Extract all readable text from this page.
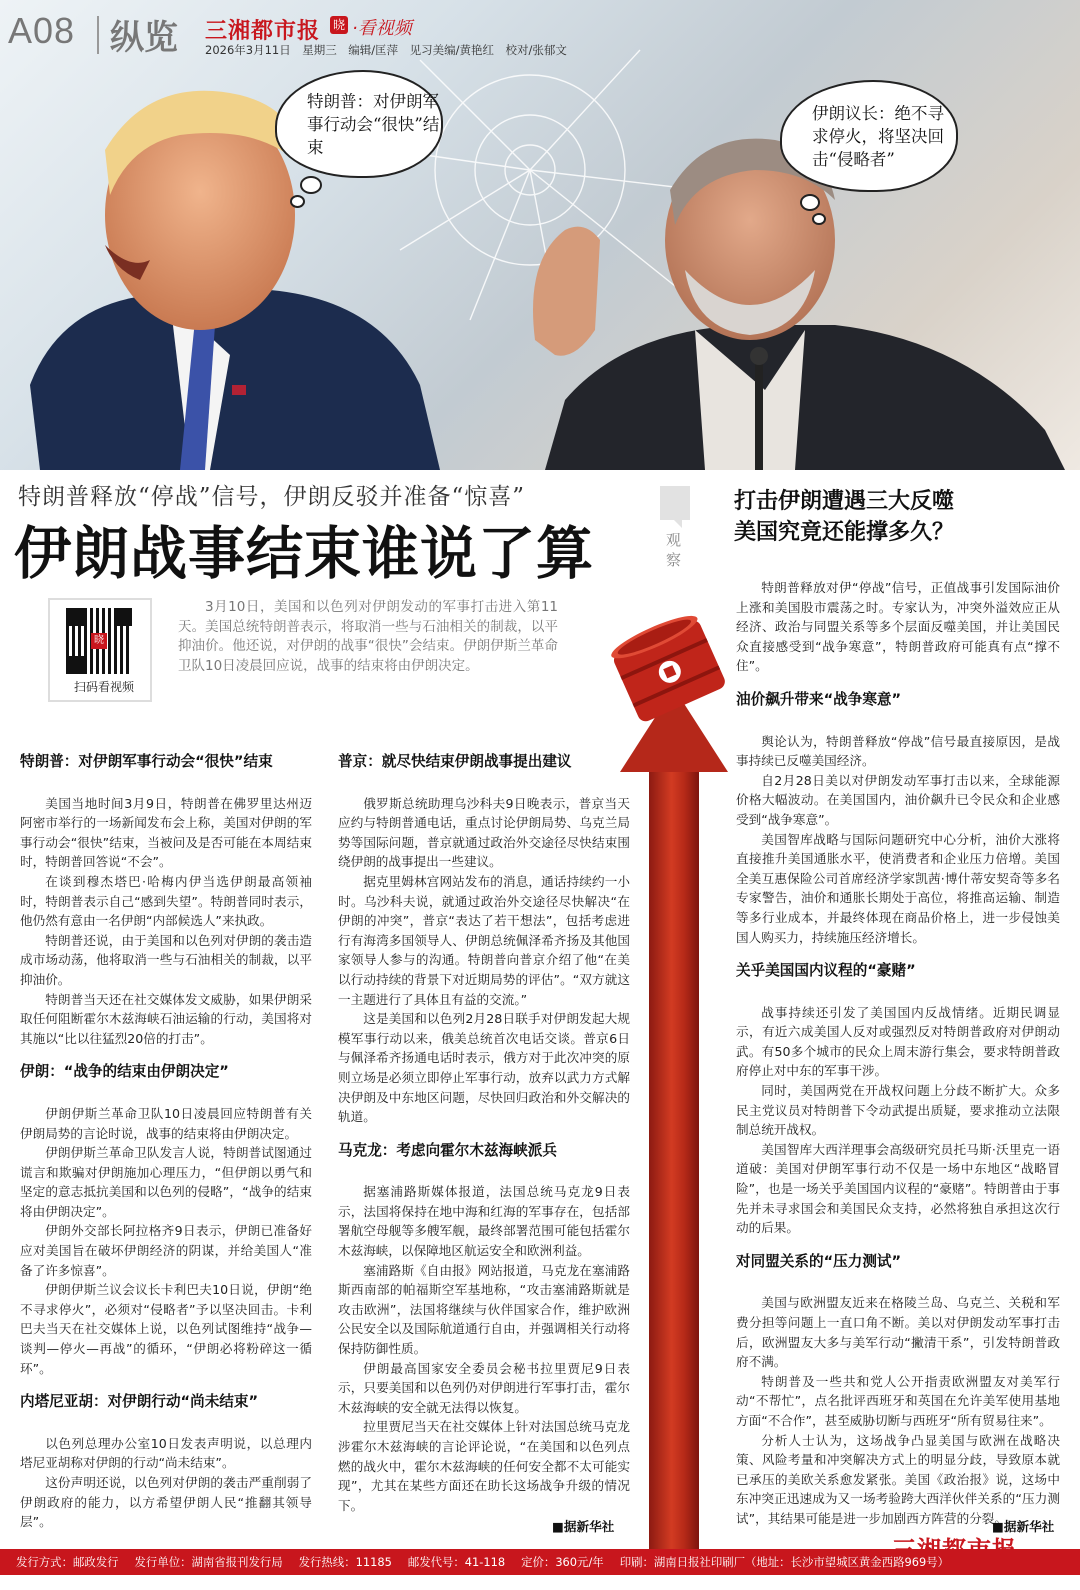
特朗普：对伊朗军事行动会“很快”结束
伊朗议长：绝不寻求停火，将坚决回击“侵略者”
A08 纵览 三湘都市报 晓 ·看视频
2026年3月11日　星期三　编辑/匡萍　见习美编/黄艳红　校对/张郁文
特朗普释放“停战”信号，伊朗反驳并准备“惊喜”
伊朗战事结束谁说了算
晓
扫码看视频
3月10日，美国和以色列对伊朗发动的军事打击进入第11天。美国总统特朗普表示，将取消一些与石油相关的制裁，以平抑油价。他还说，对伊朗的战事“很快”会结束。伊朗伊斯兰革命卫队10日凌晨回应说，战事的结束将由伊朗决定。
特朗普：对伊朗军事行动会“很快”结束

美国当地时间3月9日，特朗普在佛罗里达州迈阿密市举行的一场新闻发布会上称，美国对伊朗的军事行动会“很快”结束，当被问及是否可能在本周结束时，特朗普回答说“不会”。

在谈到穆杰塔巴·哈梅内伊当选伊朗最高领袖时，特朗普表示自己“感到失望”。特朗普同时表示，他仍然有意由一名伊朗“内部候选人”来执政。

特朗普还说，由于美国和以色列对伊朗的袭击造成市场动荡，他将取消一些与石油相关的制裁，以平抑油价。

特朗普当天还在社交媒体发文威胁，如果伊朗采取任何阻断霍尔木兹海峡石油运输的行动，美国将对其施以“比以往猛烈20倍的打击”。

伊朗：“战争的结束由伊朗决定”

伊朗伊斯兰革命卫队10日凌晨回应特朗普有关伊朗局势的言论时说，战事的结束将由伊朗决定。

伊朗伊斯兰革命卫队发言人说，特朗普试图通过谎言和欺骗对伊朗施加心理压力，“但伊朗以勇气和坚定的意志抵抗美国和以色列的侵略”，“战争的结束将由伊朗决定”。

伊朗外交部长阿拉格齐9日表示，伊朗已准备好应对美国旨在破坏伊朗经济的阴谋，并给美国人“准备了许多惊喜”。

伊朗伊斯兰议会议长卡利巴夫10日说，伊朗“绝不寻求停火”，必须对“侵略者”予以坚决回击。卡利巴夫当天在社交媒体上说，以色列试图维持“战争—谈判—停火—再战”的循环，“伊朗必将粉碎这一循环”。

内塔尼亚胡：对伊朗行动“尚未结束”

以色列总理办公室10日发表声明说，以总理内塔尼亚胡称对伊朗的行动“尚未结束”。

这份声明还说，以色列对伊朗的袭击严重削弱了伊朗政府的能力，以方希望伊朗人民“推翻其领导层”。

普京：就尽快结束伊朗战事提出建议

俄罗斯总统助理乌沙科夫9日晚表示，普京当天应约与特朗普通电话，重点讨论伊朗局势、乌克兰局势等国际问题，普京就通过政治外交途径尽快结束围绕伊朗的战事提出一些建议。

据克里姆林宫网站发布的消息，通话持续约一小时。乌沙科夫说，就通过政治外交途径尽快解决“在伊朗的冲突”，普京“表达了若干想法”，包括考虑进行有海湾多国领导人、伊朗总统佩泽希齐扬及其他国家领导人参与的沟通。特朗普向普京介绍了他“在美以行动持续的背景下对近期局势的评估”。“双方就这一主题进行了具体且有益的交流。”

这是美国和以色列2月28日联手对伊朗发起大规模军事行动以来，俄美总统首次电话交谈。普京6日与佩泽希齐扬通电话时表示，俄方对于此次冲突的原则立场是必须立即停止军事行动，放弃以武力方式解决伊朗及中东地区问题，尽快回归政治和外交解决的轨道。

马克龙：考虑向霍尔木兹海峡派兵

据塞浦路斯媒体报道，法国总统马克龙9日表示，法国将保持在地中海和红海的军事存在，包括部署航空母舰等多艘军舰，最终部署范围可能包括霍尔木兹海峡，以保障地区航运安全和欧洲利益。

塞浦路斯《自由报》网站报道，马克龙在塞浦路斯西南部的帕福斯空军基地称，“攻击塞浦路斯就是攻击欧洲”，法国将继续与伙伴国家合作，维护欧洲公民安全以及国际航道通行自由，并强调相关行动将保持防御性质。

伊朗最高国家安全委员会秘书拉里贾尼9日表示，只要美国和以色列仍对伊朗进行军事打击，霍尔木兹海峡的安全就无法得以恢复。

拉里贾尼当天在社交媒体上针对法国总统马克龙涉霍尔木兹海峡的言论评论说，“在美国和以色列点燃的战火中，霍尔木兹海峡的任何安全都不太可能实现”，尤其在某些方面还在助长这场战争升级的情况下。

■据新华社
观察
打击伊朗遭遇三大反噬
美国究竟还能撑多久？

特朗普释放对伊“停战”信号，正值战事引发国际油价上涨和美国股市震荡之时。专家认为，冲突外溢效应正从经济、政治与同盟关系等多个层面反噬美国，并让美国民众直接感受到“战争寒意”，特朗普政府可能真有点“撑不住”。

油价飙升带来“战争寒意”

舆论认为，特朗普释放“停战”信号最直接原因，是战事持续已反噬美国经济。

自2月28日美以对伊朗发动军事打击以来，全球能源价格大幅波动。在美国国内，油价飙升已令民众和企业感受到“战争寒意”。

美国智库战略与国际问题研究中心分析，油价大涨将直接推升美国通胀水平，使消费者和企业压力倍增。美国全美互惠保险公司首席经济学家凯茜·博什蒂安契奇等多名专家警告，油价和通胀长期处于高位，将推高运输、制造等多行业成本，并最终体现在商品价格上，进一步侵蚀美国人购买力，持续施压经济增长。

关乎美国国内议程的“豪赌”

战事持续还引发了美国国内反战情绪。近期民调显示，有近六成美国人反对或强烈反对特朗普政府对伊朗动武。有50多个城市的民众上周末游行集会，要求特朗普政府停止对中东的军事干涉。

同时，美国两党在开战权问题上分歧不断扩大。众多民主党议员对特朗普下令动武提出质疑，要求推动立法限制总统开战权。

美国智库大西洋理事会高级研究员托马斯·沃里克一语道破：美国对伊朗军事行动不仅是一场中东地区“战略冒险”，也是一场关乎美国国内议程的“豪赌”。特朗普由于事先并未寻求国会和美国民众支持，必然将独自承担这次行动的后果。

对同盟关系的“压力测试”

美国与欧洲盟友近来在格陵兰岛、乌克兰、关税和军费分担等问题上一直口角不断。美以对伊朗发动军事打击后，欧洲盟友大多与美军行动“撇清干系”，引发特朗普政府不满。

特朗普及一些共和党人公开指责欧洲盟友对美军行动“不帮忙”，点名批评西班牙和英国在允许美军使用基地方面“不合作”，甚至威胁切断与西班牙“所有贸易往来”。

分析人士认为，这场战争凸显美国与欧洲在战略决策、风险考量和冲突解决方式上的明显分歧，导致原本就已承压的美欧关系愈发紧张。美国《政治报》说，这场中东冲突正迅速成为又一场考验跨大西洋伙伴关系的“压力测试”，其结果可能是进一步加剧西方阵营的分裂。

■据新华社
发行方式：邮政发行 发行单位：湖南省报刊发行局 发行热线：11185 邮发代号：41-118 定价：360元/年 印刷：湖南日报社印刷厂（地址：长沙市望城区黄金西路969号）
